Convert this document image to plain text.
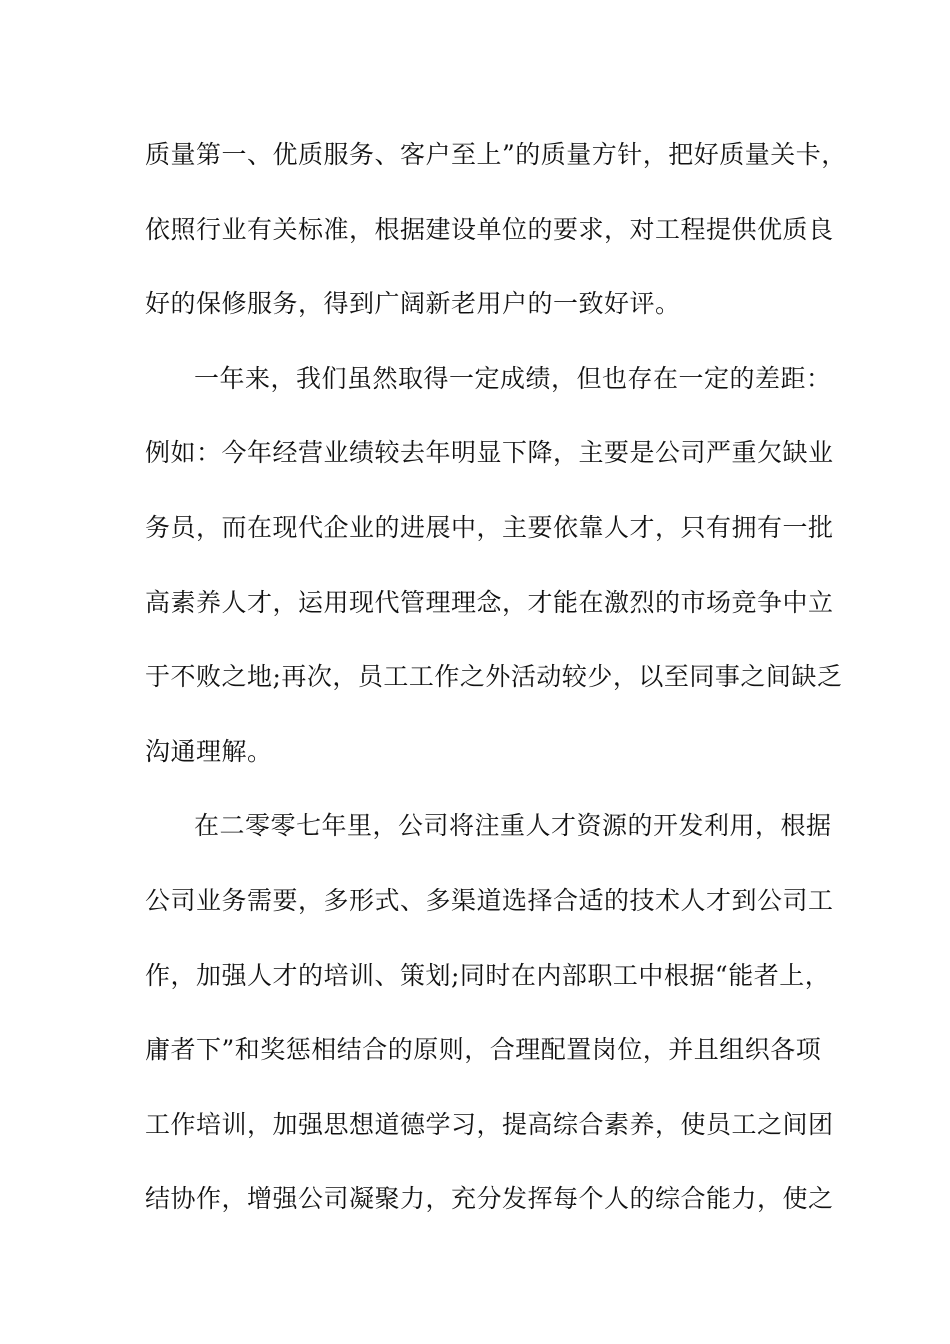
质量第一、优质服务、客户至上”的质量方针，把好质量关卡，
依照行业有关标准，根据建设单位的要求，对工程提供优质良
好的保修服务，得到广阔新老用户的一致好评。
一年来，我们虽然取得一定成绩，但也存在一定的差距：
例如：今年经营业绩较去年明显下降，主要是公司严重欠缺业
务员，而在现代企业的进展中，主要依靠人才，只有拥有一批
高素养人才，运用现代管理理念，才能在激烈的市场竞争中立
于不败之地;再次，员工工作之外活动较少，以至同事之间缺乏
沟通理解。
在二零零七年里，公司将注重人才资源的开发利用，根据
公司业务需要，多形式、多渠道选择合适的技术人才到公司工
作，加强人才的培训、策划;同时在内部职工中根据“能者上，
庸者下”和奖惩相结合的原则，合理配置岗位，并且组织各项
工作培训，加强思想道德学习，提高综合素养，使员工之间团
结协作，增强公司凝聚力，充分发挥每个人的综合能力，使之
